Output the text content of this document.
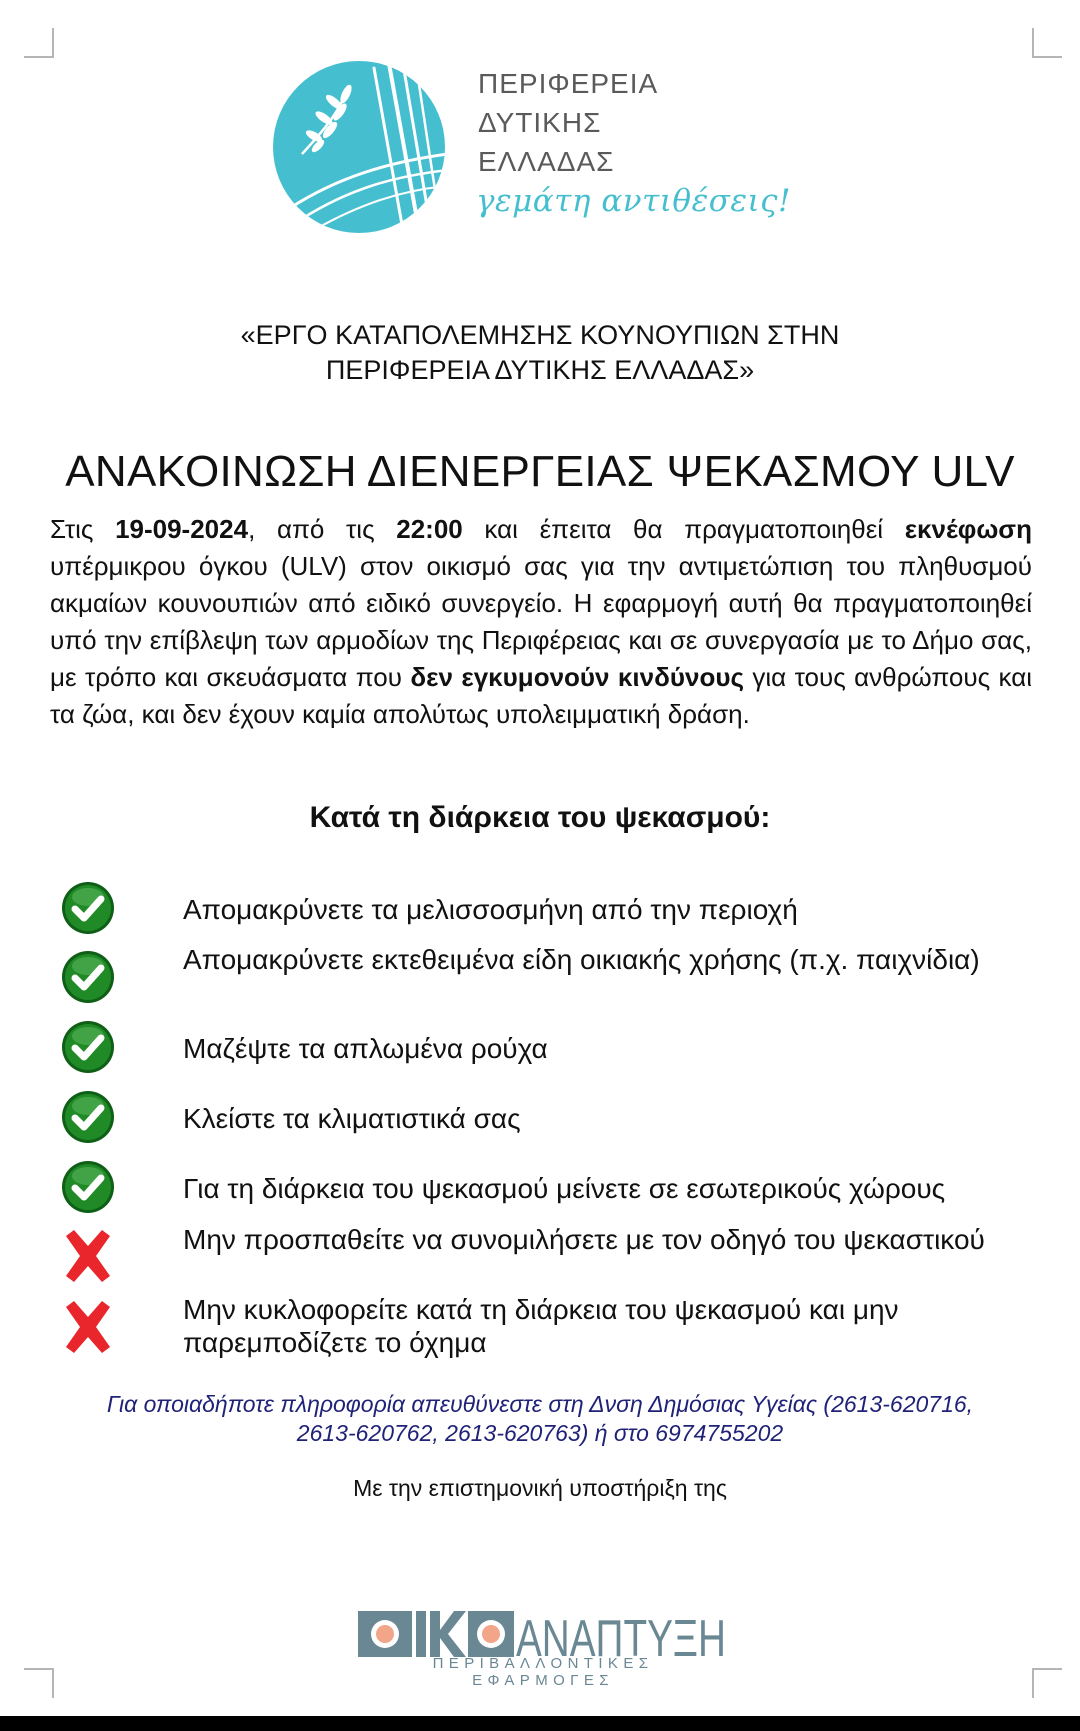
ΠΕΡΙΦΕΡΕΙΑ
ΔΥΤΙΚΗΣ
ΕΛΛΑΔΑΣ
γεμάτη αντιθέσεις!
«ΕΡΓΟ ΚΑΤΑΠΟΛΕΜΗΣΗΣ ΚΟΥΝΟΥΠΙΩΝ ΣΤΗΝ
ΠΕΡΙΦΕΡΕΙΑ ΔΥΤΙΚΗΣ ΕΛΛΑΔΑΣ»
ΑΝΑΚΟΙΝΩΣΗ ΔΙΕΝΕΡΓΕΙΑΣ ΨΕΚΑΣΜΟΥ ULV
Στις 19-09-2024, από τις 22:00 και έπειτα θα πραγματοποιηθεί εκνέφωση υπέρμικρου όγκου (ULV) στον οικισμό σας για την αντιμετώπιση του πληθυσμού ακμαίων κουνουπιών από ειδικό συνεργείο. Η εφαρμογή αυτή θα πραγματοποιηθεί υπό την επίβλεψη των αρμοδίων της Περιφέρειας και σε συνεργασία με το Δήμο σας, με τρόπο και σκευάσματα που δεν εγκυμονούν κινδύνους για τους ανθρώπους και τα ζώα, και δεν έχουν καμία απολύτως υπολειμματική δράση.
Κατά τη διάρκεια του ψεκασμού:
Απομακρύνετε τα μελισσοσμήνη από την περιοχή
Απομακρύνετε εκτεθειμένα είδη οικιακής χρήσης (π.χ. παιχνίδια)
Μαζέψτε τα απλωμένα ρούχα
Κλείστε τα κλιματιστικά σας
Για τη διάρκεια του ψεκασμού μείνετε σε εσωτερικούς χώρους
Μην προσπαθείτε να συνομιλήσετε με τον οδηγό του ψεκαστικού
Μην κυκλοφορείτε κατά τη διάρκεια του ψεκασμού και μην παρεμποδίζετε το όχημα
Για οποιαδήποτε πληροφορία απευθύνεστε στη Δνση Δημόσιας Υγείας (2613-620716,
2613-620762, 2613-620763) ή στο 6974755202
Με την επιστημονική υποστήριξη της
ΑΝΑΠΤΥΞΗ
ΠΕΡΙΒΑΛΛΟΝΤΙΚΕΣ ΕΦΑΡΜΟΓΕΣ
